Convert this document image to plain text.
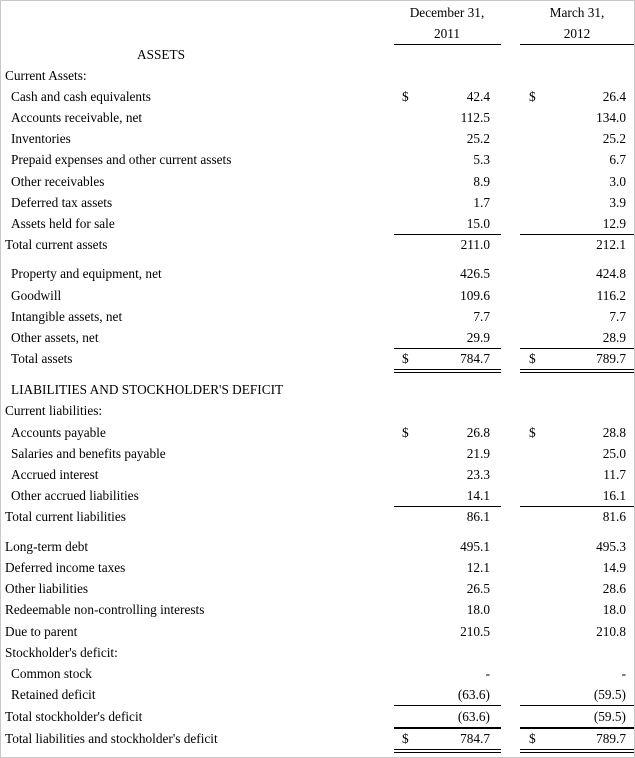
December 31,
2011
March 31,
2012
ASSETS
Current Assets:
Cash and cash equivalents	$	42.4	$	26.4
Accounts receivable, net	112.5	134.0
Inventories	25.2	25.2
Prepaid expenses and other current assets	5.3	6.7
Other receivables	8.9	3.0
Deferred tax assets	1.7	3.9
Assets held for sale	15.0	12.9
Total current assets	211.0	212.1
Property and equipment, net	426.5	424.8
Goodwill	109.6	116.2
Intangible assets, net	7.7	7.7
Other assets, net	29.9	28.9
Total assets	$	784.7	$	789.7
LIABILITIES AND STOCKHOLDER'S DEFICIT
Current liabilities:
Accounts payable	$	26.8	$	28.8
Salaries and benefits payable	21.9	25.0
Accrued interest	23.3	11.7
Other accrued liabilities	14.1	16.1
Total current liabilities	86.1	81.6
Long-term debt	495.1	495.3
Deferred income taxes	12.1	14.9
Other liabilities	26.5	28.6
Redeemable non-controlling interests	18.0	18.0
Due to parent	210.5	210.8
Stockholder's deficit:
Common stock	-	-
Retained deficit	(63.6)	(59.5)
Total stockholder's deficit	(63.6)	(59.5)
Total liabilities and stockholder's deficit	$	784.7	$	789.7
